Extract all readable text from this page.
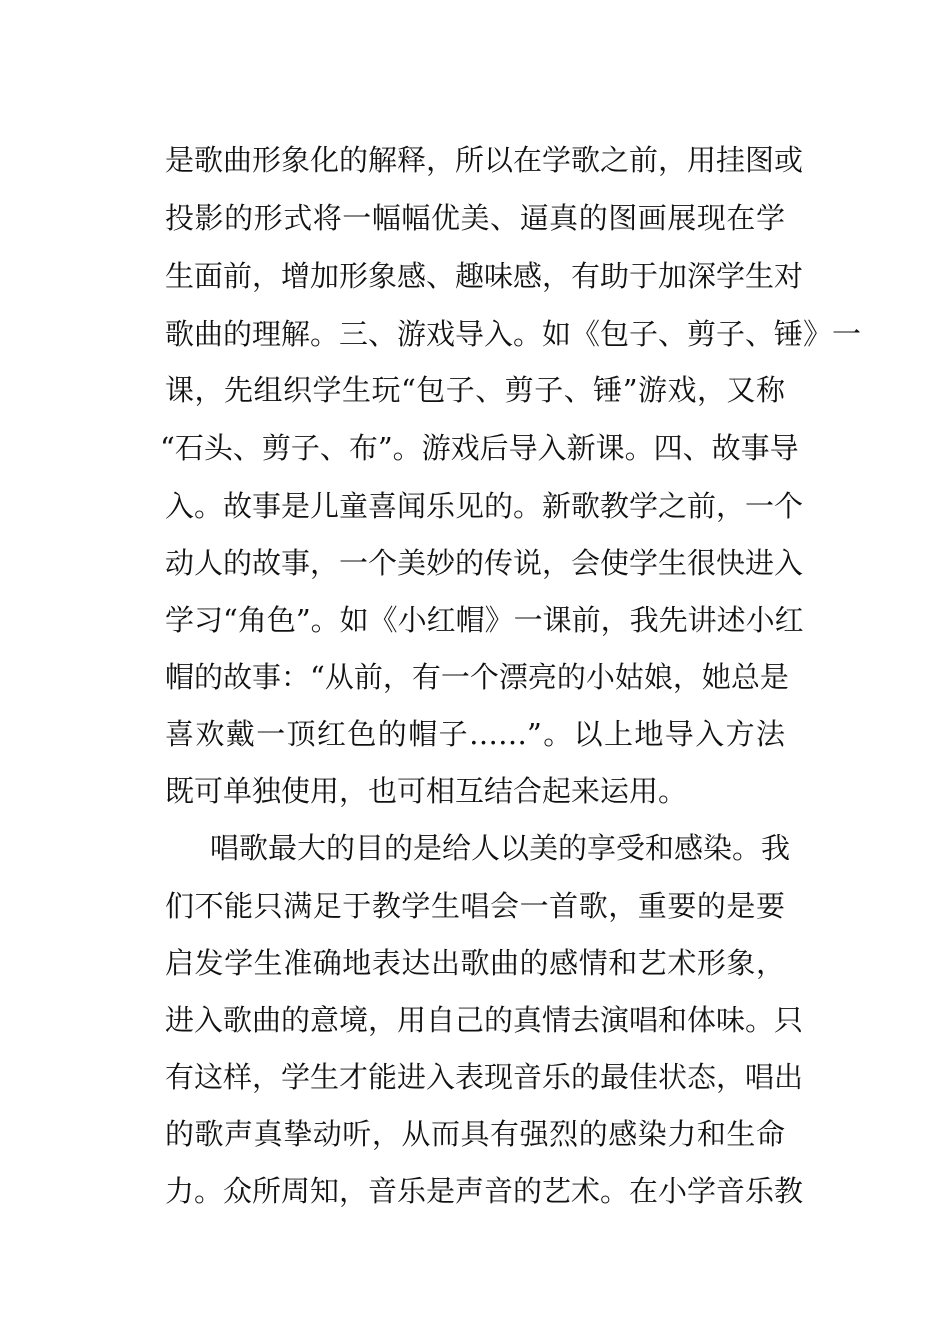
是歌曲形象化的解释，所以在学歌之前，用挂图或
投影的形式将一幅幅优美、逼真的图画展现在学
生面前，增加形象感、趣味感，有助于加深学生对
歌曲的理解。三、游戏导入。如《包子、剪子、锤》一
课，先组织学生玩“包子、剪子、锤”游戏，又称
“石头、剪子、布”。游戏后导入新课。四、故事导
入。故事是儿童喜闻乐见的。新歌教学之前，一个
动人的故事，一个美妙的传说，会使学生很快进入
学习“角色”。如《小红帽》一课前，我先讲述小红
帽的故事：“从前，有一个漂亮的小姑娘，她总是
喜欢戴一顶红色的帽子……”。以上地导入方法
既可单独使用，也可相互结合起来运用。
唱歌最大的目的是给人以美的享受和感染。我
们不能只满足于教学生唱会一首歌，重要的是要
启发学生准确地表达出歌曲的感情和艺术形象，
进入歌曲的意境，用自己的真情去演唱和体味。只
有这样，学生才能进入表现音乐的最佳状态，唱出
的歌声真挚动听，从而具有强烈的感染力和生命
力。众所周知，音乐是声音的艺术。在小学音乐教
